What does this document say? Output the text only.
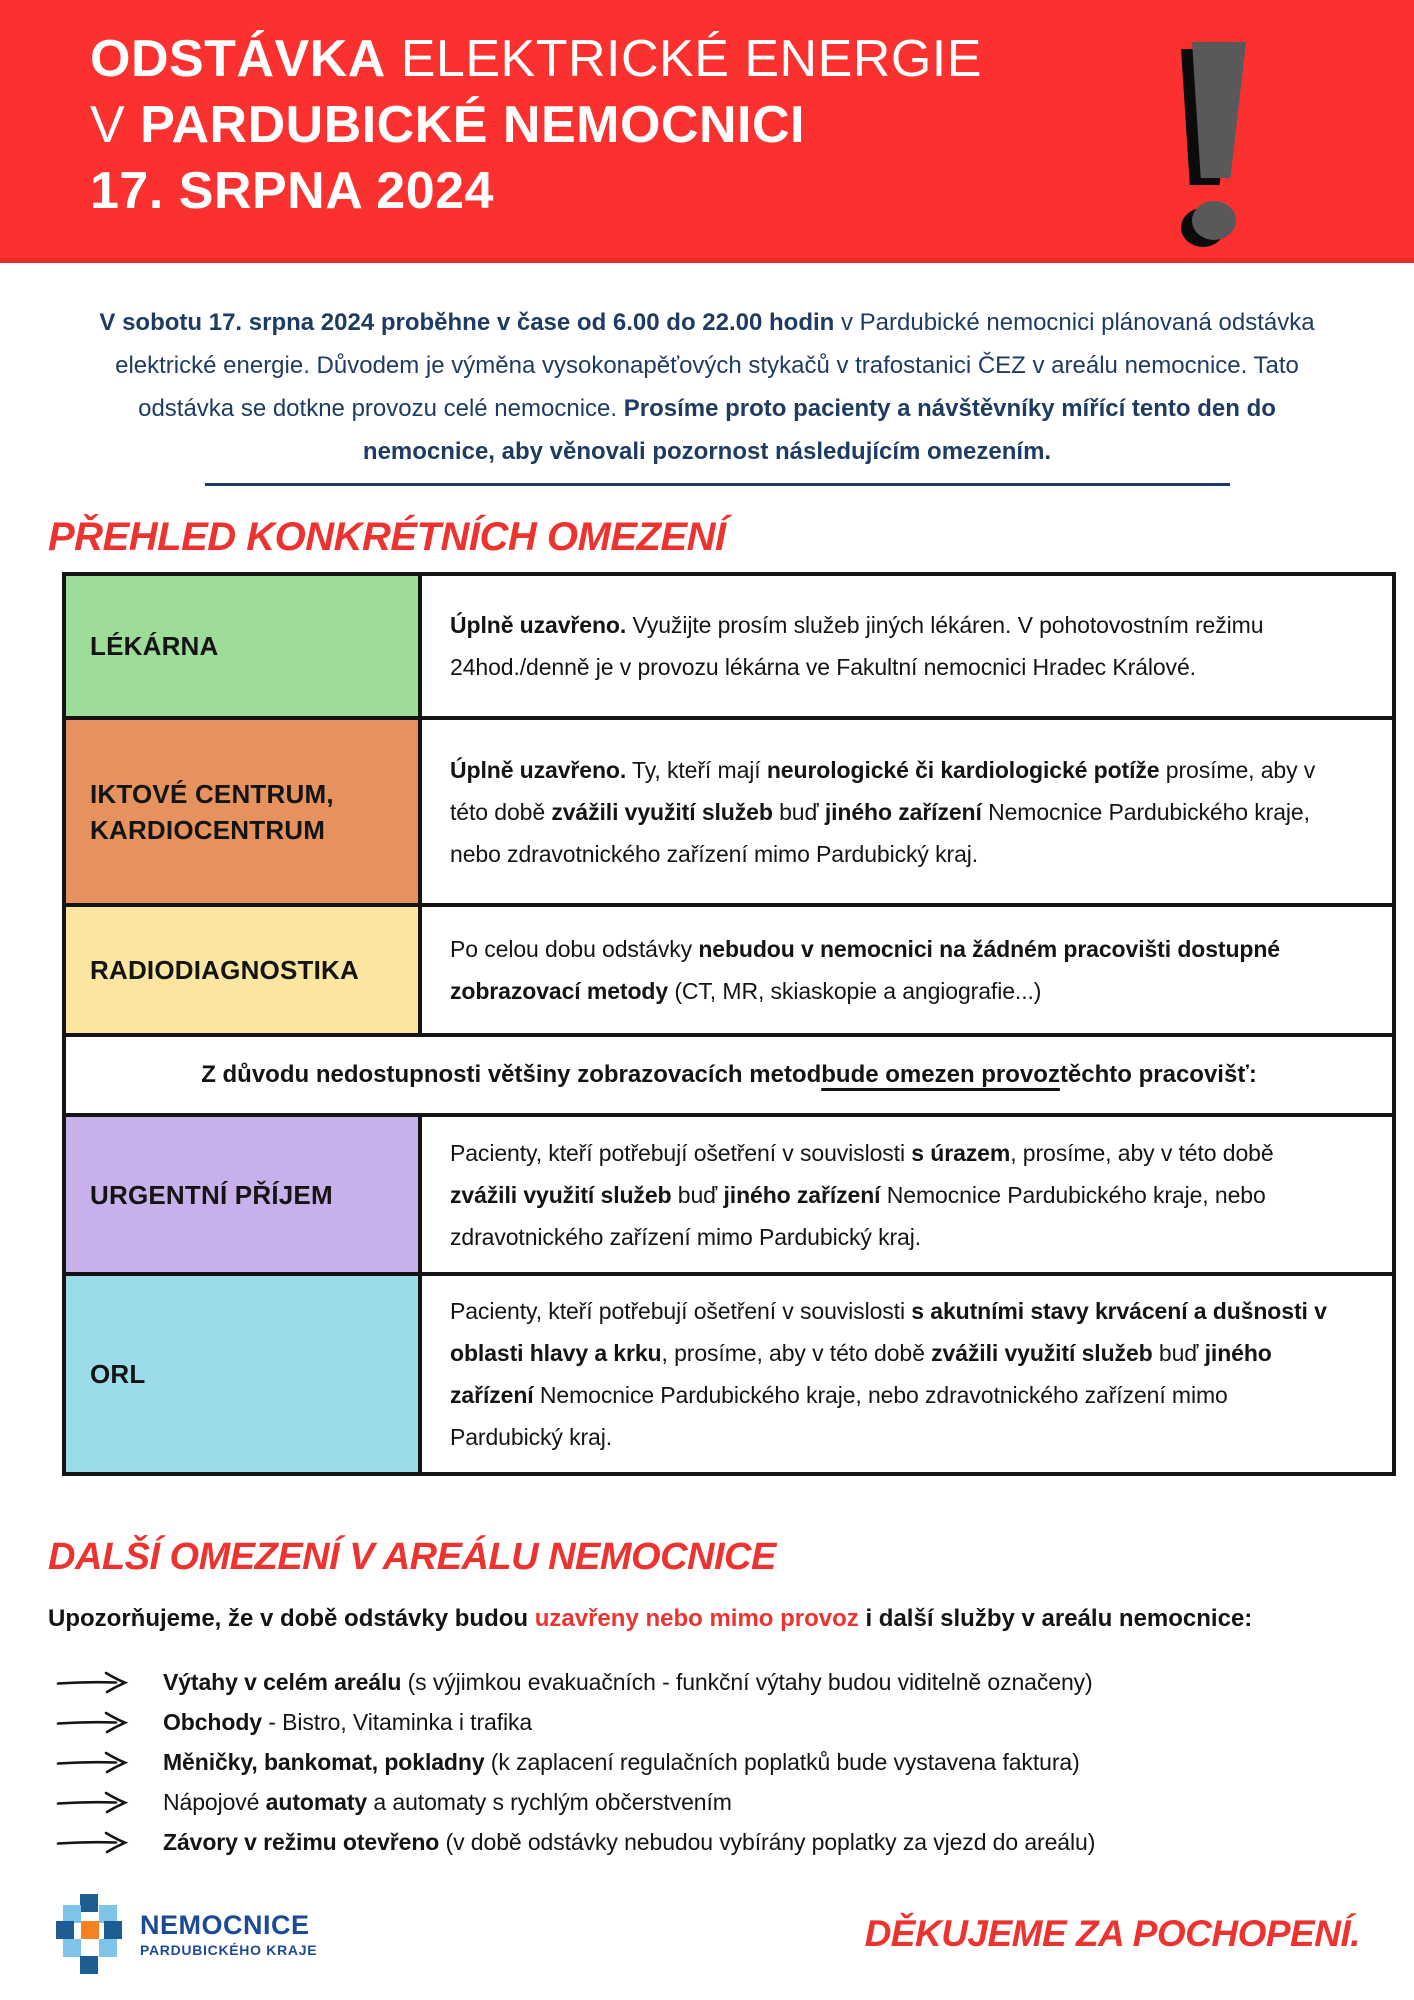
ODSTÁVKA ELEKTRICKÉ ENERGIE
V PARDUBICKÉ NEMOCNICI
17. SRPNA 2024

V sobotu 17. srpna 2024 proběhne v čase od 6.00 do 22.00 hodin v Pardubické nemocnici plánovaná odstávka elektrické energie. Důvodem je výměna vysokonapěťových stykačů v trafostanici ČEZ v areálu nemocnice. Tato odstávka se dotkne provozu celé nemocnice. Prosíme proto pacienty a návštěvníky mířící tento den do nemocnice, aby věnovali pozornost následujícím omezením.

PŘEHLED KONKRÉTNÍCH OMEZENÍ
LÉKÁRNA
Úplně uzavřeno. Využijte prosím služeb jiných lékáren. V pohotovostním režimu 24hod./denně je v provozu lékárna ve Fakultní nemocnici Hradec Králové.
IKTOVÉ CENTRUM, KARDIOCENTRUM
Úplně uzavřeno. Ty, kteří mají neurologické či kardiologické potíže prosíme, aby v této době zvážili využití služeb buď jiného zařízení Nemocnice Pardubického kraje, nebo zdravotnického zařízení mimo Pardubický kraj.
RADIODIAGNOSTIKA
Po celou dobu odstávky nebudou v nemocnici na žádném pracovišti dostupné zobrazovací metody (CT, MR, skiaskopie a angiografie...)
Z důvodu nedostupnosti většiny zobrazovacích metod bude omezen provoz těchto pracovišť:
URGENTNÍ PŘÍJEM
Pacienty, kteří potřebují ošetření v souvislosti s úrazem, prosíme, aby v této době zvážili využití služeb buď jiného zařízení Nemocnice Pardubického kraje, nebo zdravotnického zařízení mimo Pardubický kraj.
ORL
Pacienty, kteří potřebují ošetření v souvislosti s akutními stavy krvácení a dušnosti v oblasti hlavy a krku, prosíme, aby v této době zvážili využití služeb buď jiného zařízení Nemocnice Pardubického kraje, nebo zdravotnického zařízení mimo Pardubický kraj.
DALŠÍ OMEZENÍ V AREÁLU NEMOCNICE

Upozorňujeme, že v době odstávky budou uzavřeny nebo mimo provoz i další služby v areálu nemocnice:

Výtahy v celém areálu (s výjimkou evakuačních - funkční výtahy budou viditelně označeny)
Obchody - Bistro, Vitaminka i trafika
Měničky, bankomat, pokladny (k zaplacení regulačních poplatků bude vystavena faktura)
Nápojové automaty a automaty s rychlým občerstvením
Závory v režimu otevřeno (v době odstávky nebudou vybírány poplatky za vjezd do areálu)
NEMOCNICE
PARDUBICKÉHO KRAJE	DĚKUJEME ZA POCHOPENÍ.
